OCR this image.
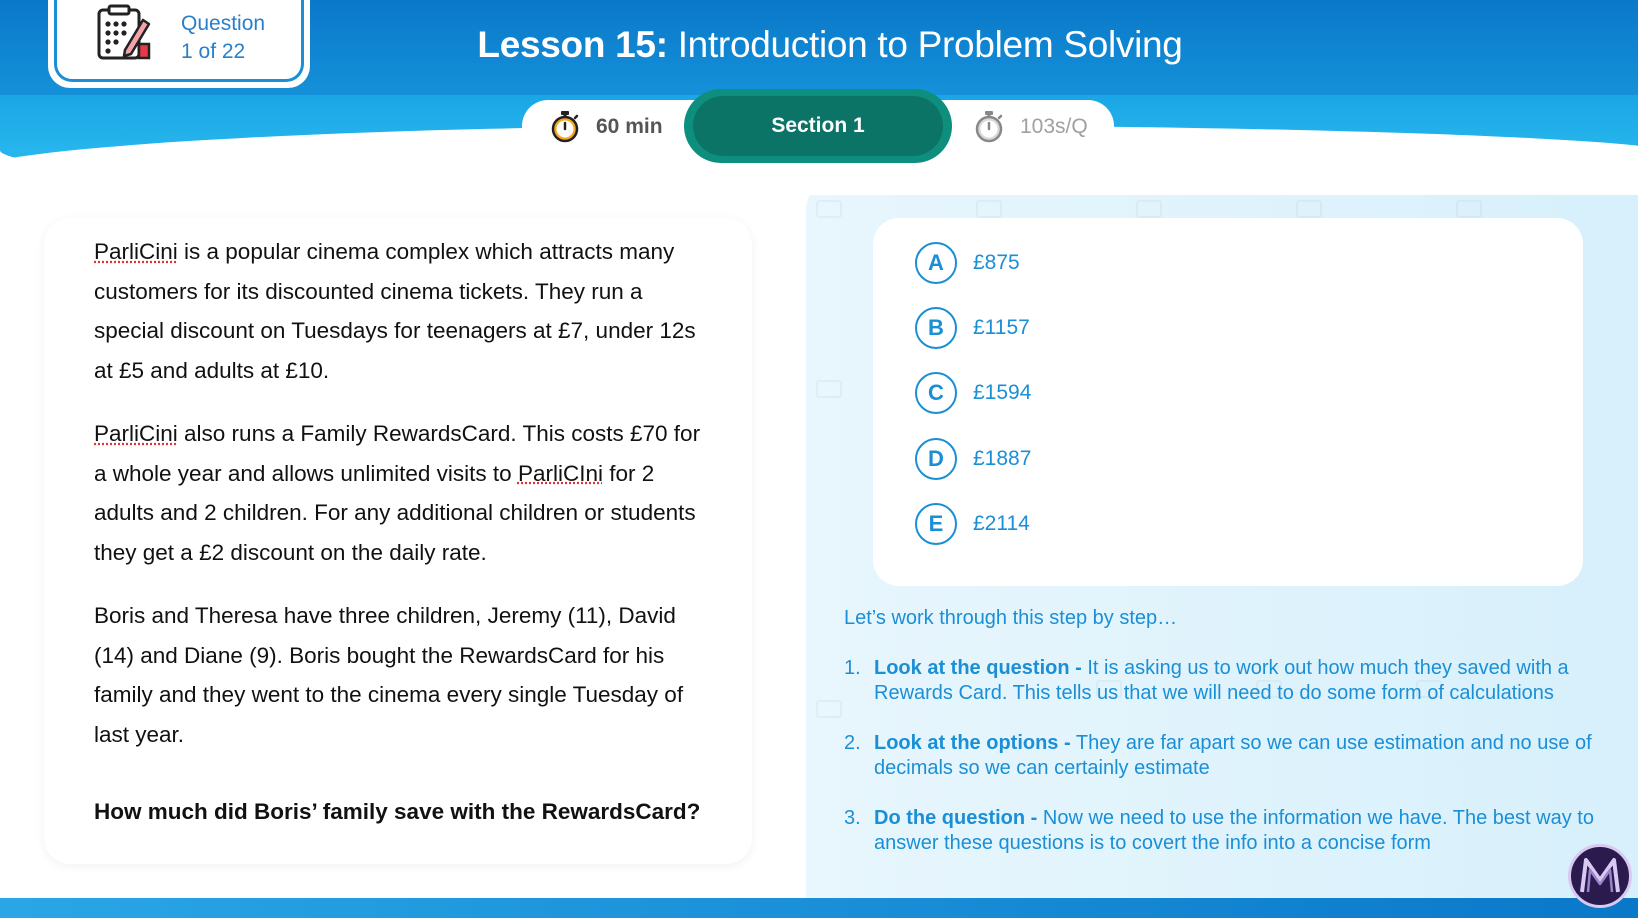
Question
1 of 22	Lesson 15: Introduction to Problem Solving
60 min	Section 1	103s/Q

ParliCini is a popular cinema complex which attracts many customers for its discounted cinema tickets. They run a special discount on Tuesdays for teenagers at £7, under 12s at £5 and adults at £10.

ParliCini also runs a Family RewardsCard. This costs £70 for a whole year and allows unlimited visits to ParliCIni for 2 adults and 2 children. For any additional children or students they get a £2 discount on the daily rate.

Boris and Theresa have three children, Jeremy (11), David (14) and Diane (9). Boris bought the RewardsCard for his family and they went to the cinema every single Tuesday of last year.

How much did Boris’ family save with the RewardsCard?

A	£875
B	£1157
C	£1594
D	£1887
E	£2114
Let’s work through this step by step…
1. Look at the question - It is asking us to work out how much they saved with a Rewards Card. This tells us that we will need to do some form of calculations
2. Look at the options - They are far apart so we can use estimation and no use of decimals so we can certainly estimate
3. Do the question - Now we need to use the information we have. The best way to answer these questions is to covert the info into a concise form
